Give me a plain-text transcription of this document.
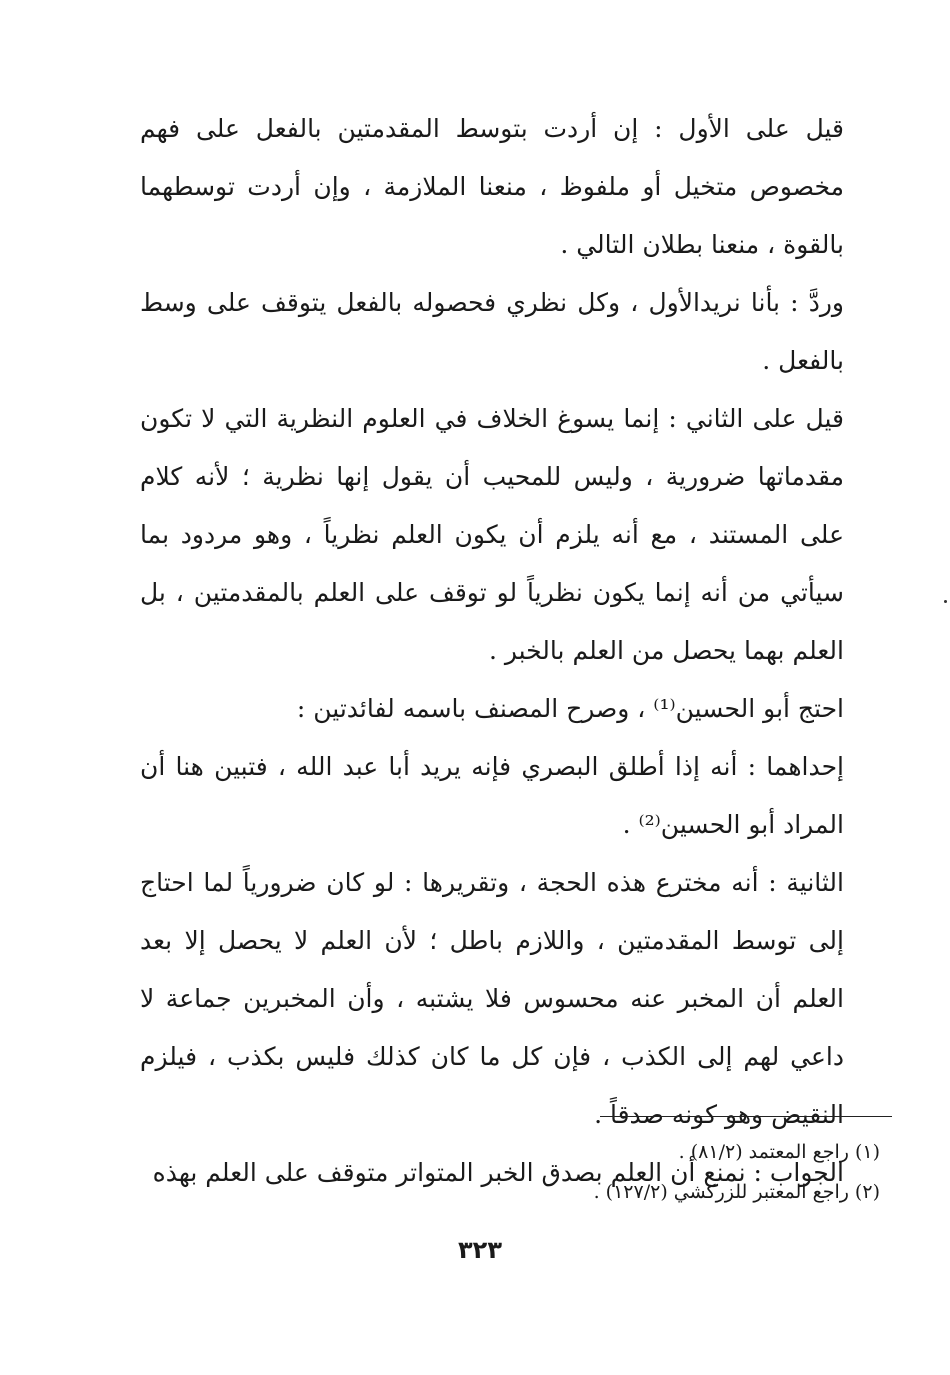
قيل على الأول : إن أردت بتوسط المقدمتين بالفعل على فهم مخصوص متخيل أو ملفوظ ، منعنا الملازمة ، وإن أردت توسطهما بالقوة ، منعنا بطلان التالي .

وردَّ : بأنا نريدالأول ، وكل نظري فحصوله بالفعل يتوقف على وسط بالفعل .

قيل على الثاني : إنما يسوغ الخلاف في العلوم النظرية التي لا تكون مقدماتها ضرورية ، وليس للمحيب أن يقول إنها نظرية ؛ لأنه كلام على المستند ، مع أنه يلزم أن يكون العلم نظرياً ، وهو مردود بما سيأتي من أنه إنما يكون نظرياً لو توقف على العلم بالمقدمتين ، بل العلم بهما يحصل من العلم بالخبر .

احتج أبو الحسين⁽¹⁾ ، وصرح المصنف باسمه لفائدتين :

إحداهما : أنه إذا أطلق البصري فإنه يريد أبا عبد الله ، فتبين هنا أن المراد أبو الحسين⁽²⁾ .

الثانية : أنه مخترع هذه الحجة ، وتقريرها : لو كان ضرورياً لما احتاج إلى توسط المقدمتين ، واللازم باطل ؛ لأن العلم لا يحصل إلا بعد العلم أن المخبر عنه محسوس فلا يشتبه ، وأن المخبرين جماعة لا داعي لهم إلى الكذب ، فإن كل ما كان كذلك فليس بكذب ، فيلزم النقيض وهو كونه صدقاً .

الجواب : نمنع أن العلم بصدق الخبر المتواتر متوقف على العلم بهذه

(١) راجع المعتمد (٨١/٢) .

(٢) راجع المعتبر للزركشي (١٢٧/٢) .

٣٢٣
